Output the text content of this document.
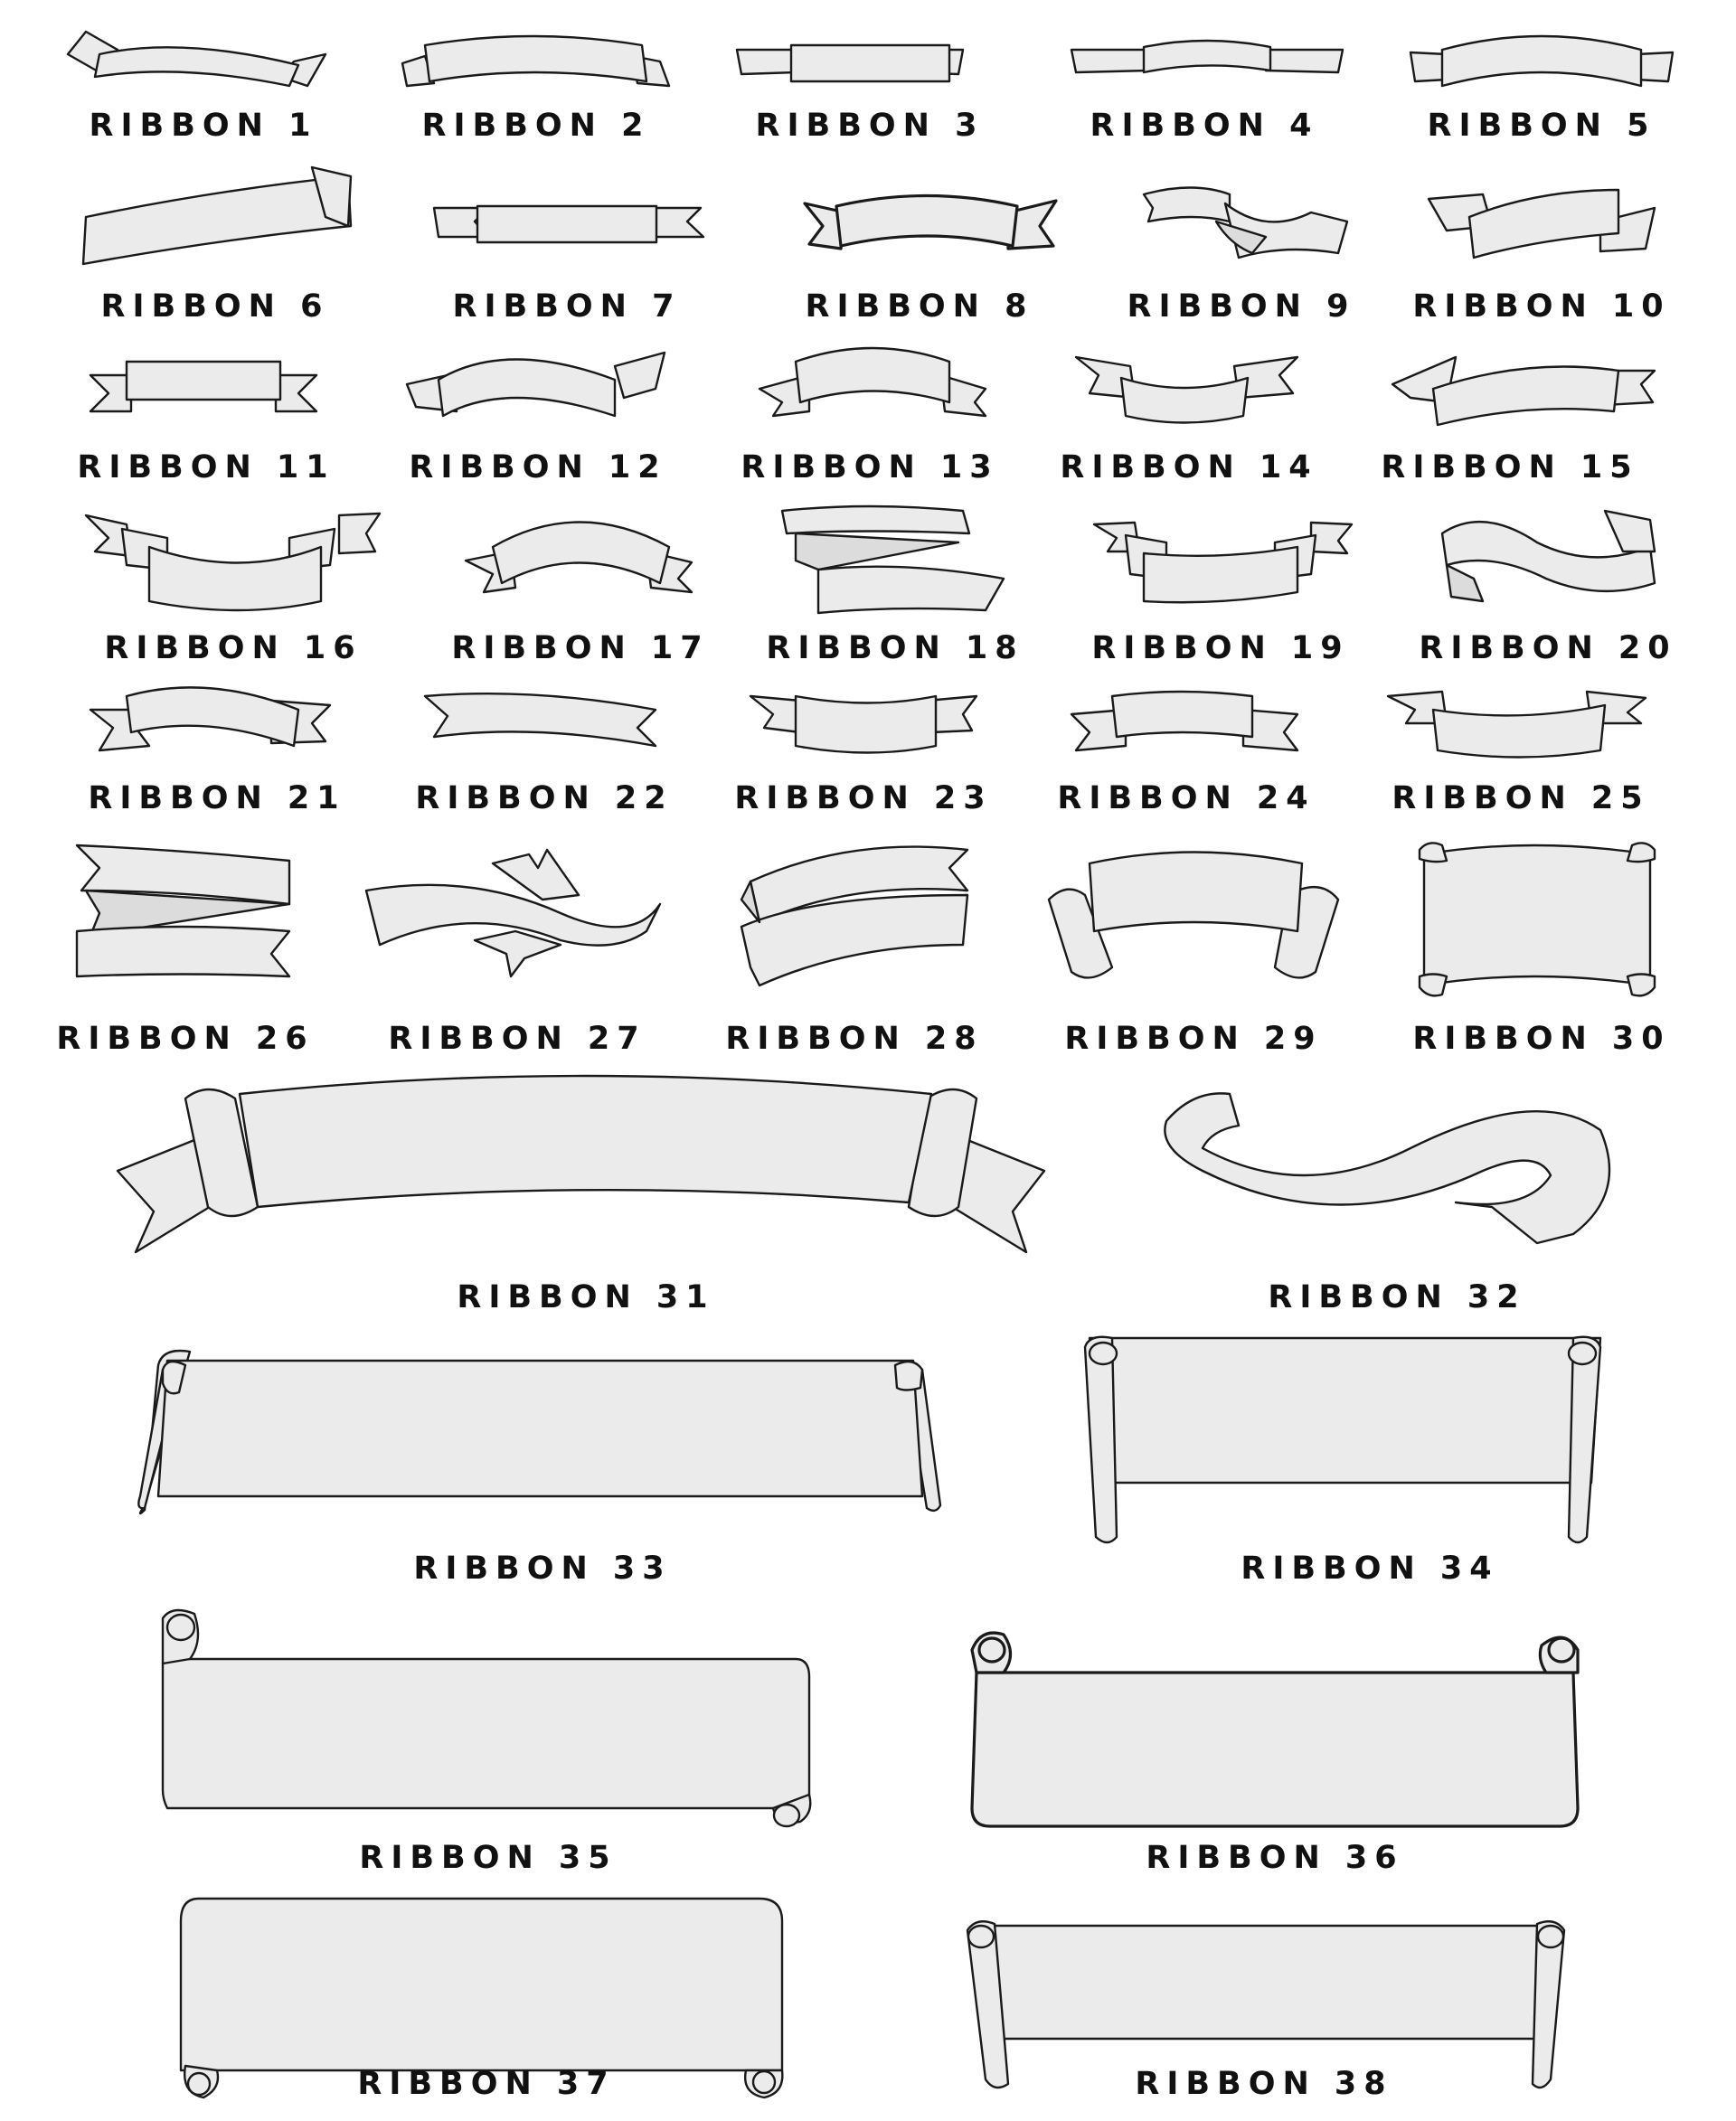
RIBBON 1	RIBBON 2	RIBBON 3	RIBBON 4	RIBBON 5
RIBBON 6	RIBBON 7	RIBBON 8	RIBBON 9 RIBBON 10
RIBBON 11 RIBBON 12 RIBBON 13 RIBBON 14 RIBBON 15
RIBBON 16	RIBBON 17 RIBBON 18 RIBBON 19 RIBBON 20
RIBBON 21 RIBBON 22 RIBBON 23 RIBBON 24 RIBBON 25
RIBBON 26 RIBBON 27	RIBBON 28	RIBBON 29	RIBBON 30
RIBBON 31	RIBBON 32
RIBBON 33	RIBBON 34
RIBBON 35	RIBBON 36
RIBBON 37	RIBBON 38
